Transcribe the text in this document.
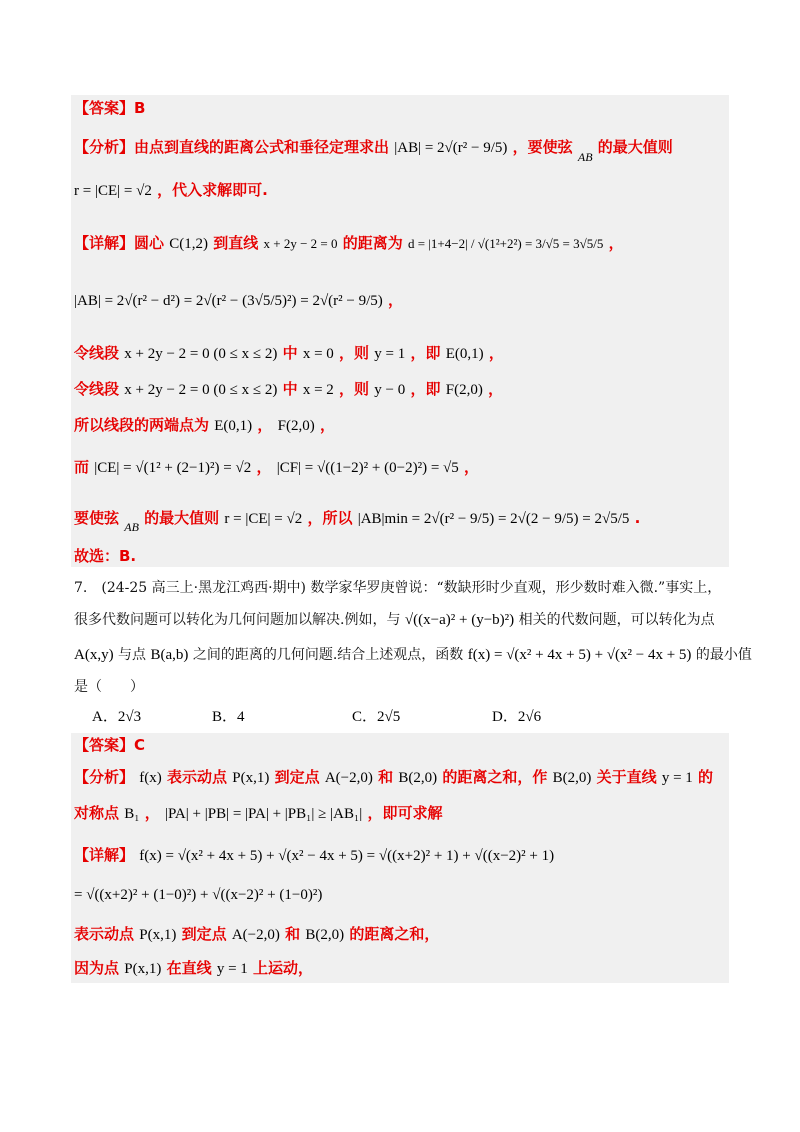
【答案】B
【分析】由点到直线的距离公式和垂径定理求出 |AB| = 2√(r² − 9/5) ，要使弦 $_{AB}$ 的最大值则
r = |CE| = √2 ，代入求解即可.
【详解】圆心 C(1,2) 到直线 x + 2y − 2 = 0 的距离为 d = |1+4−2| / √(1²+2²) = 3/√5 = 3√5/5 ，
|AB| = 2√(r² − d²) = 2√(r² − (3√5/5)²) = 2√(r² − 9/5) ，
令线段 x + 2y − 2 = 0 (0 ≤ x ≤ 2) 中 x = 0 ，则 y = 1 ，即 E(0,1) ，
令线段 x + 2y − 2 = 0 (0 ≤ x ≤ 2) 中 x = 2 ，则 y − 0 ，即 F(2,0) ，
所以线段的两端点为 E(0,1) ， F(2,0) ，
而 |CE| = √(1² + (2−1)²) = √2 ， |CF| = √((1−2)² + (0−2)²) = √5 ，
要使弦 $_{AB}$ 的最大值则 r = |CE| = √2 ，所以 |AB|min = 2√(r² − 9/5) = 2√(2 − 9/5) = 2√5/5 .
故选：B.
7.　(24-25 高三上·黑龙江鸡西·期中) 数学家华罗庚曾说：“数缺形时少直观，形少数时难入微.”事实上，
很多代数问题可以转化为几何问题加以解决.例如，与 √((x−a)² + (y−b)²) 相关的代数问题，可以转化为点
A(x,y) 与点 B(a,b) 之间的距离的几何问题.结合上述观点，函数 f(x) = √(x² + 4x + 5) + √(x² − 4x + 5) 的最小值
是（　　）
A．2√3	B．4	C．2√5	D．2√6
【答案】C
【分析】 f(x) 表示动点 P(x,1) 到定点 A(−2,0) 和 B(2,0) 的距离之和，作 B(2,0) 关于直线 y = 1 的
对称点 B₁ ， |PA| + |PB| = |PA| + |PB₁| ≥ |AB₁| ，即可求解
【详解】 f(x) = √(x² + 4x + 5) + √(x² − 4x + 5) = √((x+2)² + 1) + √((x−2)² + 1)
= √((x+2)² + (1−0)²) + √((x−2)² + (1−0)²)
表示动点 P(x,1) 到定点 A(−2,0) 和 B(2,0) 的距离之和，
因为点 P(x,1) 在直线 y = 1 上运动，
